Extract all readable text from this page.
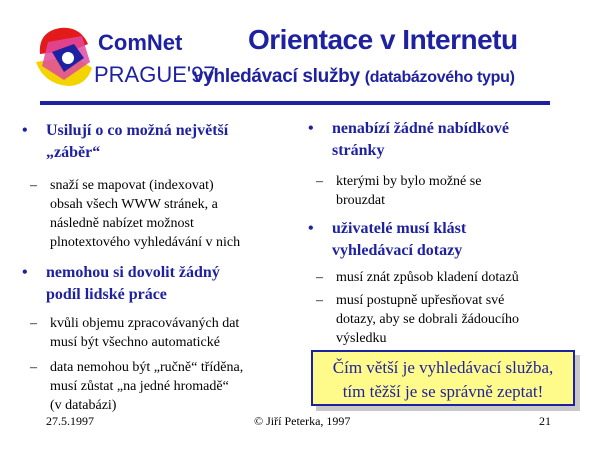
ComNet
PRAGUE'97
Orientace v Internetu
vyhledávací služby (databázového typu)
• Usilují o co možná největší
„záběr“
– snaží se mapovat (indexovat)
obsah všech WWW stránek, a
následně nabízet možnost
plnotextového vyhledávání v nich
• nemohou si dovolit žádný
podíl lidské práce
– kvůli objemu zpracovávaných dat
musí být všechno automatické
– data nemohou být „ručně“ tříděna,
musí zůstat „na jedné hromadě“
(v databázi)
• nenabízí žádné nabídkové
stránky
– kterými by bylo možné se
brouzdat
• uživatelé musí klást
vyhledávací dotazy
– musí znát způsob kladení dotazů
– musí postupně upřesňovat své
dotazy, aby se dobrali žádoucího
výsledku
Čím větší je vyhledávací služba,
tím těžší je se správně zeptat!
27.5.1997	© Jiří Peterka, 1997	21
